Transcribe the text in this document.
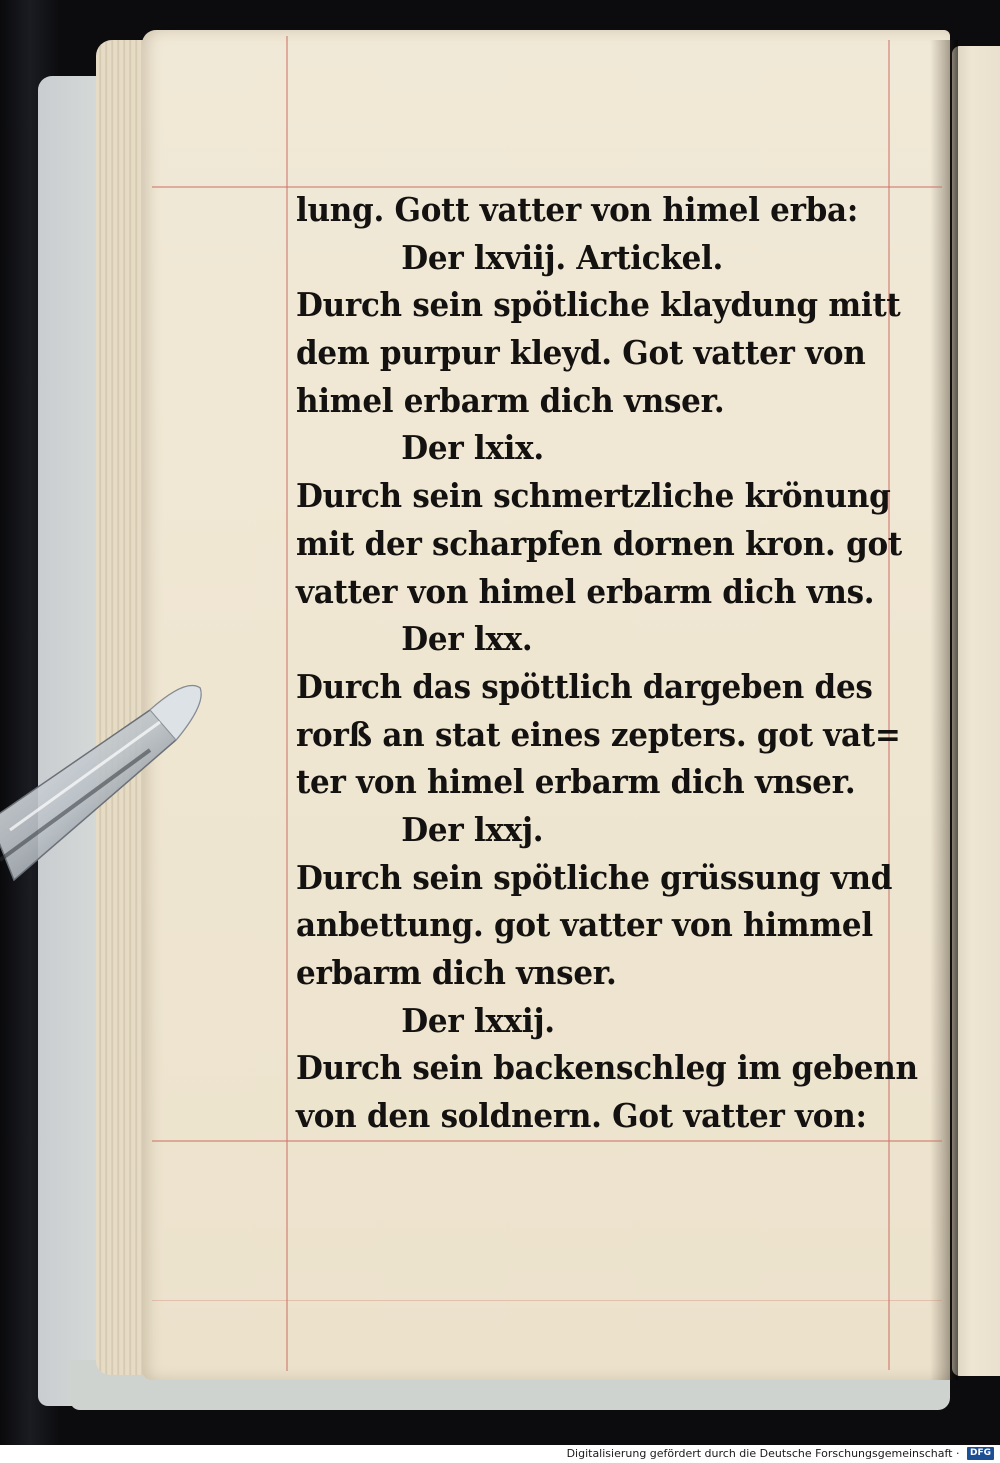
lung. Gott vatter von himel erba:
Der lxviij. Artickel.
Durch sein spötliche klaydung mitt
dem purpur kleyd. Got vatter von
himel erbarm dich vnser.
Der lxix.
Durch sein schmertzliche krönung
mit der scharpfen dornen kron. got
vatter von himel erbarm dich vns.
Der lxx.
Durch das spöttlich dargeben des
rorß an stat eines zepters. got vat=
ter von himel erbarm dich vnser.
Der lxxj.
Durch sein spötliche grüssung vnd
anbettung. got vatter von himmel
erbarm dich vnser.
Der lxxij.
Durch sein backenschleg im gebenn
von den soldnern. Got vatter von:
Digitalisierung gefördert durch die Deutsche Forschungsgemeinschaft · DFG
